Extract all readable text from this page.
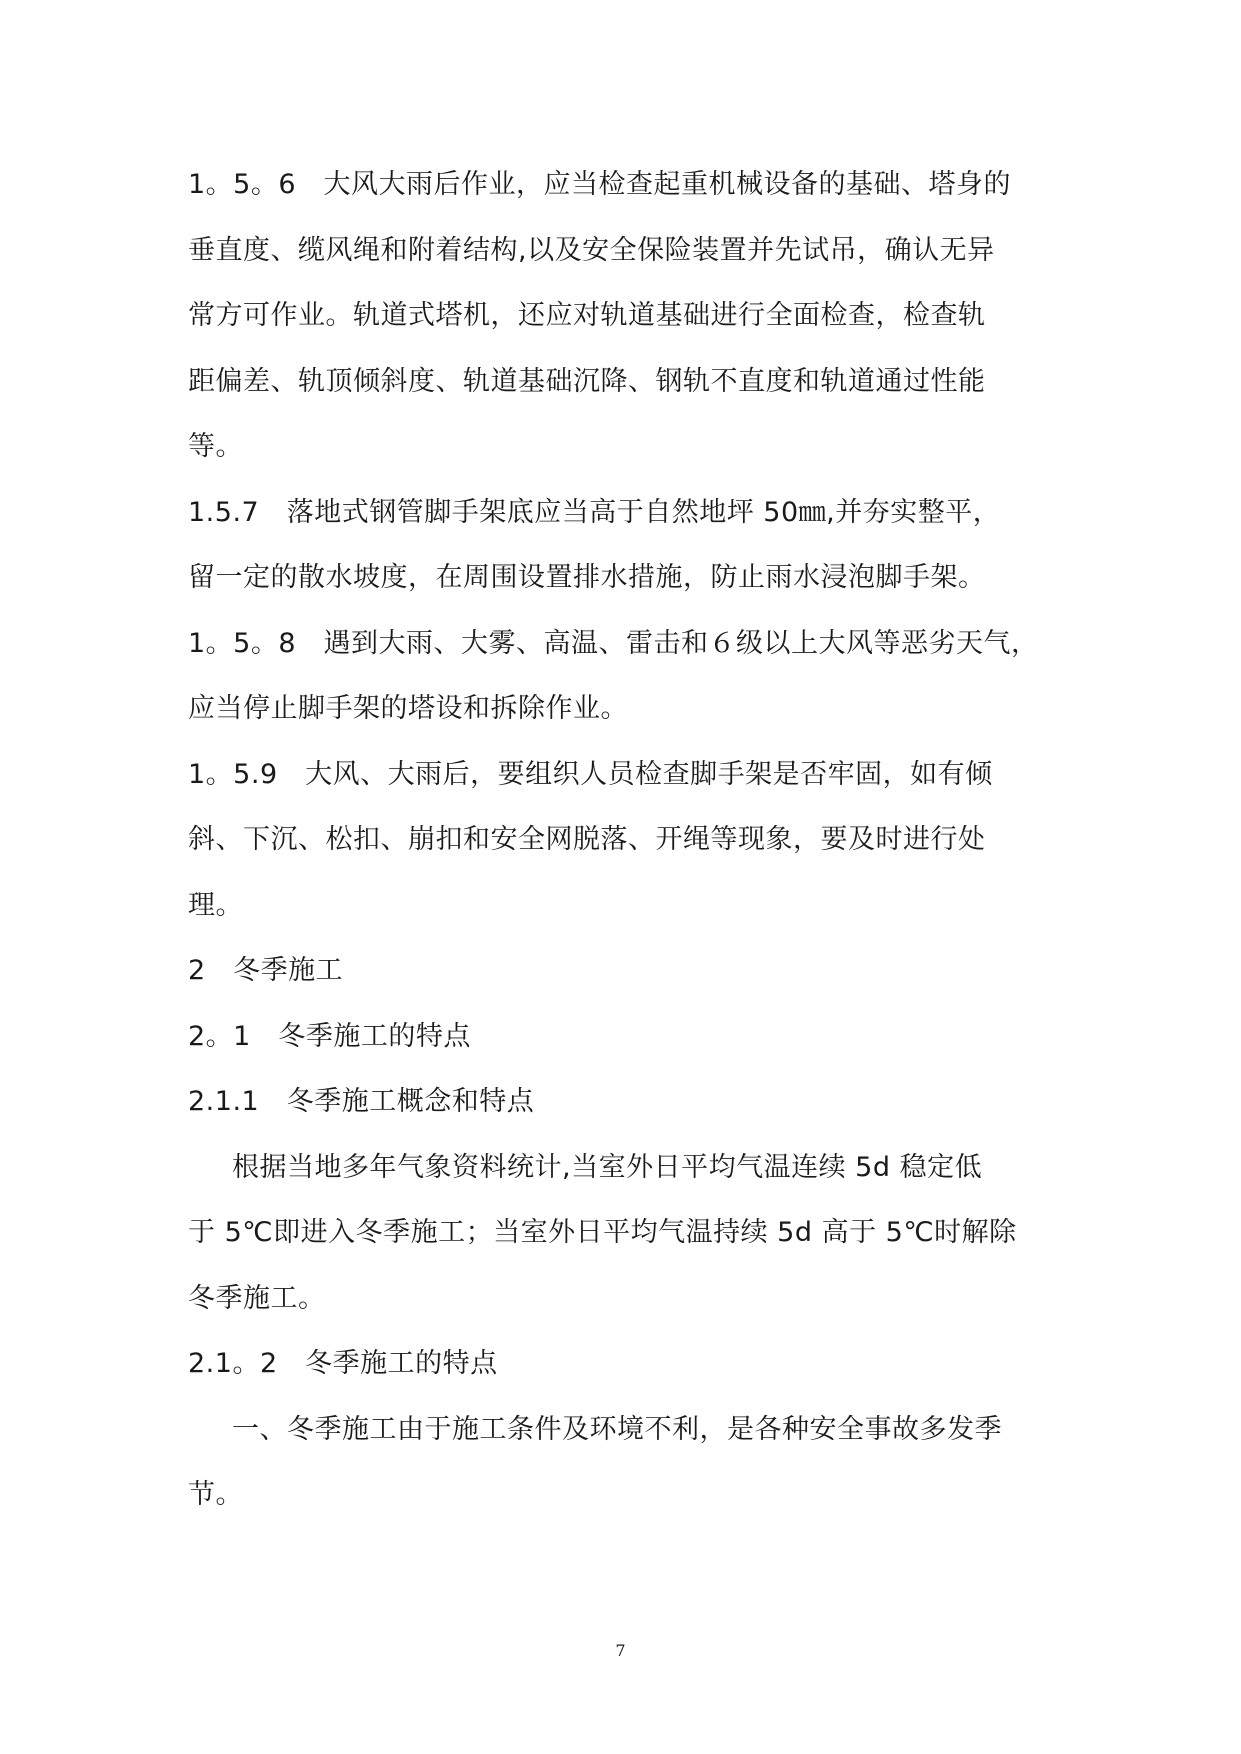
1。5。6　大风大雨后作业，应当检查起重机械设备的基础、塔身的
垂直度、缆风绳和附着结构,以及安全保险装置并先试吊，确认无异
常方可作业。轨道式塔机，还应对轨道基础进行全面检查，检查轨
距偏差、轨顶倾斜度、轨道基础沉降、钢轨不直度和轨道通过性能
等。
1.5.7　落地式钢管脚手架底应当高于自然地坪 50㎜,并夯实整平，
留一定的散水坡度，在周围设置排水措施，防止雨水浸泡脚手架。
1。5。8　遇到大雨、大雾、高温、雷击和６级以上大风等恶劣天气，
应当停止脚手架的塔设和拆除作业。
1。5.9　大风、大雨后，要组织人员检查脚手架是否牢固，如有倾
斜、下沉、松扣、崩扣和安全网脱落、开绳等现象，要及时进行处
理。
2　冬季施工
2。1　冬季施工的特点
2.1.1　冬季施工概念和特点
根据当地多年气象资料统计,当室外日平均气温连续 5d 稳定低
于 5℃即进入冬季施工；当室外日平均气温持续 5d 高于 5℃时解除
冬季施工。
2.1。2　冬季施工的特点
一、冬季施工由于施工条件及环境不利，是各种安全事故多发季
节。
7
